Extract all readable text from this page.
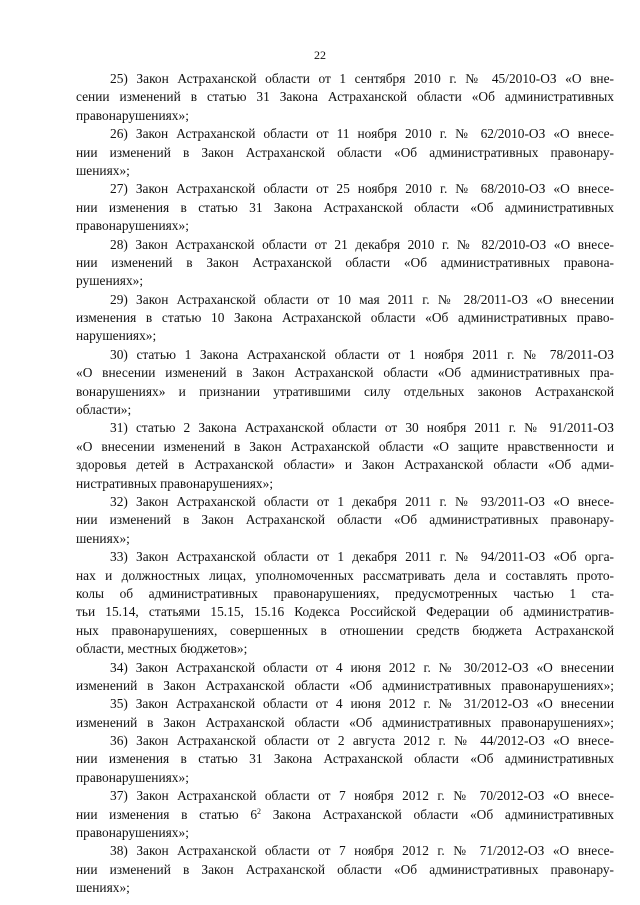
22
25) Закон Астраханской области от 1 сентября 2010 г. № 45/2010-ОЗ «О вне-
сении изменений в статью 31 Закона Астраханской области «Об административных
правонарушениях»;
26) Закон Астраханской области от 11 ноября 2010 г. № 62/2010-ОЗ «О внесе-
нии изменений в Закон Астраханской области «Об административных правонару-
шениях»;
27) Закон Астраханской области от 25 ноября 2010 г. № 68/2010-ОЗ «О внесе-
нии изменения в статью 31 Закона Астраханской области «Об административных
правонарушениях»;
28) Закон Астраханской области от 21 декабря 2010 г. № 82/2010-ОЗ «О внесе-
нии изменений в Закон Астраханской области «Об административных правона-
рушениях»;
29) Закон Астраханской области от 10 мая 2011 г. № 28/2011-ОЗ «О внесении
изменения в статью 10 Закона Астраханской области «Об административных право-
нарушениях»;
30) статью 1 Закона Астраханской области от 1 ноября 2011 г. № 78/2011-ОЗ
«О внесении изменений в Закон Астраханской области «Об административных пра-
вонарушениях» и признании утратившими силу отдельных законов Астраханской
области»;
31) статью 2 Закона Астраханской области от 30 ноября 2011 г. № 91/2011-ОЗ
«О внесении изменений в Закон Астраханской области «О защите нравственности и
здоровья детей в Астраханской области» и Закон Астраханской области «Об адми-
нистративных правонарушениях»;
32) Закон Астраханской области от 1 декабря 2011 г. № 93/2011-ОЗ «О внесе-
нии изменений в Закон Астраханской области «Об административных правонару-
шениях»;
33) Закон Астраханской области от 1 декабря 2011 г. № 94/2011-ОЗ «Об орга-
нах и должностных лицах, уполномоченных рассматривать дела и составлять прото-
колы об административных правонарушениях, предусмотренных частью 1 ста-
тьи 15.14, статьями 15.15, 15.16 Кодекса Российской Федерации об административ-
ных правонарушениях, совершенных в отношении средств бюджета Астраханской
области, местных бюджетов»;
34) Закон Астраханской области от 4 июня 2012 г. № 30/2012-ОЗ «О внесении
изменений в Закон Астраханской области «Об административных правонарушениях»;
35) Закон Астраханской области от 4 июня 2012 г. № 31/2012-ОЗ «О внесении
изменений в Закон Астраханской области «Об административных правонарушениях»;
36) Закон Астраханской области от 2 августа 2012 г. № 44/2012-ОЗ «О внесе-
нии изменения в статью 31 Закона Астраханской области «Об административных
правонарушениях»;
37) Закон Астраханской области от 7 ноября 2012 г. № 70/2012-ОЗ «О внесе-
нии изменения в статью $6^2$ Закона Астраханской области «Об административных
правонарушениях»;
38) Закон Астраханской области от 7 ноября 2012 г. № 71/2012-ОЗ «О внесе-
нии изменений в Закон Астраханской области «Об административных правонару-
шениях»;
